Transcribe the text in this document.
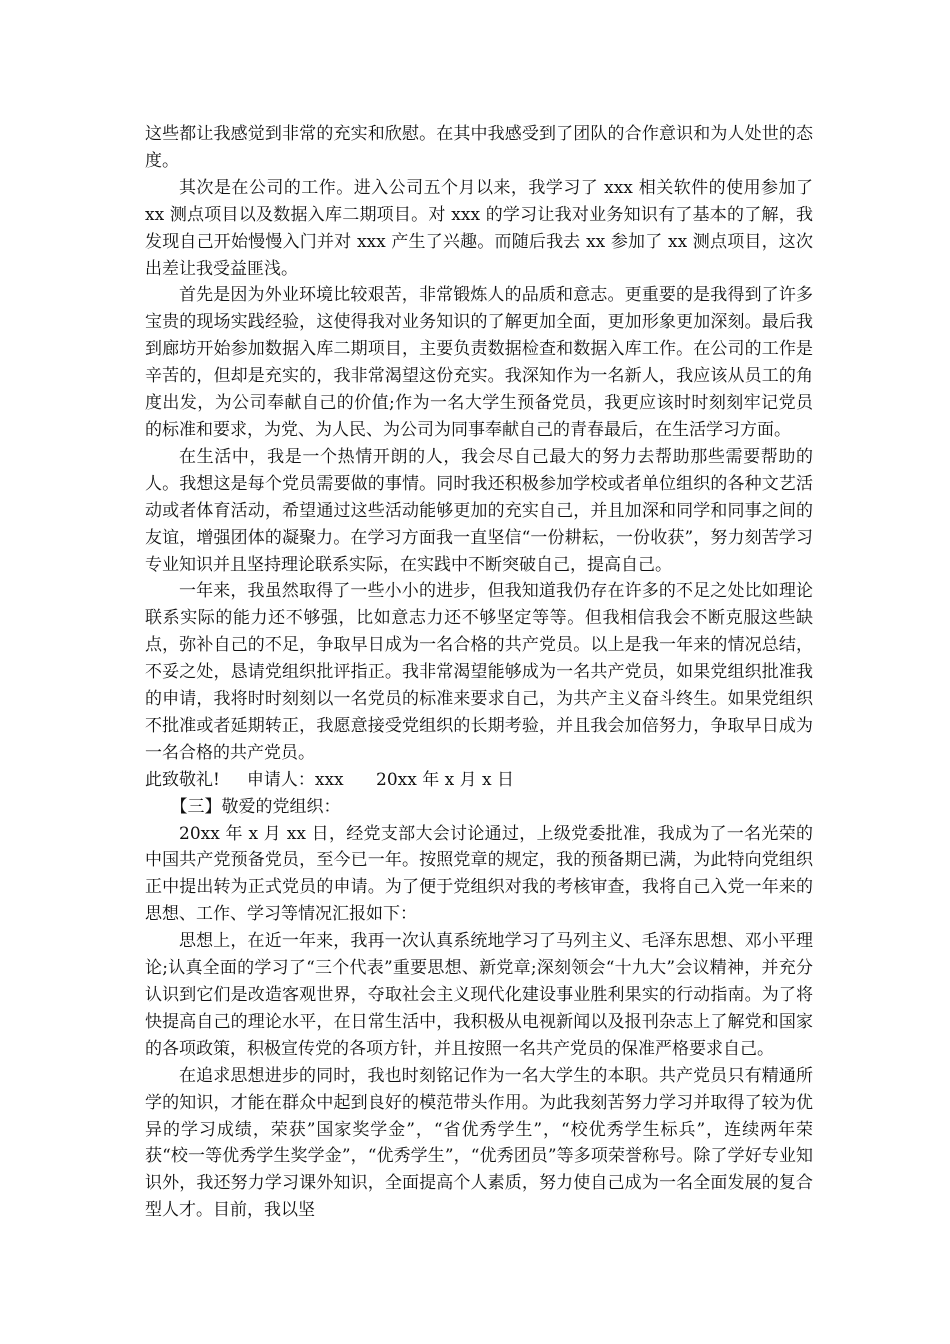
这些都让我感觉到非常的充实和欣慰。在其中我感受到了团队的合作意识和为人处世的态度。

其次是在公司的工作。进入公司五个月以来，我学习了 xxx 相关软件的使用参加了 xx 测点项目以及数据入库二期项目。对 xxx 的学习让我对业务知识有了基本的了解，我发现自己开始慢慢入门并对 xxx 产生了兴趣。而随后我去 xx 参加了 xx 测点项目，这次出差让我受益匪浅。

首先是因为外业环境比较艰苦，非常锻炼人的品质和意志。更重要的是我得到了许多宝贵的现场实践经验，这使得我对业务知识的了解更加全面，更加形象更加深刻。最后我到廊坊开始参加数据入库二期项目，主要负责数据检查和数据入库工作。在公司的工作是辛苦的，但却是充实的，我非常渴望这份充实。我深知作为一名新人，我应该从员工的角度出发，为公司奉献自己的价值;作为一名大学生预备党员，我更应该时时刻刻牢记党员的标准和要求，为党、为人民、为公司为同事奉献自己的青春最后，在生活学习方面。

在生活中，我是一个热情开朗的人，我会尽自己最大的努力去帮助那些需要帮助的人。我想这是每个党员需要做的事情。同时我还积极参加学校或者单位组织的各种文艺活动或者体育活动，希望通过这些活动能够更加的充实自己，并且加深和同学和同事之间的友谊，增强团体的凝聚力。在学习方面我一直坚信“一份耕耘，一份收获”，努力刻苦学习专业知识并且坚持理论联系实际，在实践中不断突破自己，提高自己。

一年来，我虽然取得了一些小小的进步，但我知道我仍存在许多的不足之处比如理论联系实际的能力还不够强，比如意志力还不够坚定等等。但我相信我会不断克服这些缺点，弥补自己的不足，争取早日成为一名合格的共产党员。以上是我一年来的情况总结，不妥之处，恳请党组织批评指正。我非常渴望能够成为一名共产党员，如果党组织批准我的申请，我将时时刻刻以一名党员的标准来要求自己，为共产主义奋斗终生。如果党组织不批准或者延期转正，我愿意接受党组织的长期考验，并且我会加倍努力，争取早日成为一名合格的共产党员。

此致敬礼!     申请人：xxx      20xx 年 x 月 x 日

【三】敬爱的党组织：

20xx 年 x 月 xx 日，经党支部大会讨论通过，上级党委批准，我成为了一名光荣的中国共产党预备党员，至今已一年。按照党章的规定，我的预备期已满，为此特向党组织正中提出转为正式党员的申请。为了便于党组织对我的考核审查，我将自己入党一年来的思想、工作、学习等情况汇报如下：

思想上，在近一年来，我再一次认真系统地学习了马列主义、毛泽东思想、邓小平理论;认真全面的学习了“三个代表”重要思想、新党章;深刻领会“十九大”会议精神，并充分认识到它们是改造客观世界，夺取社会主义现代化建设事业胜利果实的行动指南。为了将快提高自己的理论水平，在日常生活中，我积极从电视新闻以及报刊杂志上了解党和国家的各项政策，积极宣传党的各项方针，并且按照一名共产党员的保准严格要求自己。

在追求思想进步的同时，我也时刻铭记作为一名大学生的本职。共产党员只有精通所学的知识，才能在群众中起到良好的模范带头作用。为此我刻苦努力学习并取得了较为优异的学习成绩，荣获”国家奖学金”，“省优秀学生”，“校优秀学生标兵”，连续两年荣获“校一等优秀学生奖学金”，“优秀学生”，“优秀团员”等多项荣誉称号。除了学好专业知识外，我还努力学习课外知识，全面提高个人素质，努力使自己成为一名全面发展的复合型人才。目前，我以坚
